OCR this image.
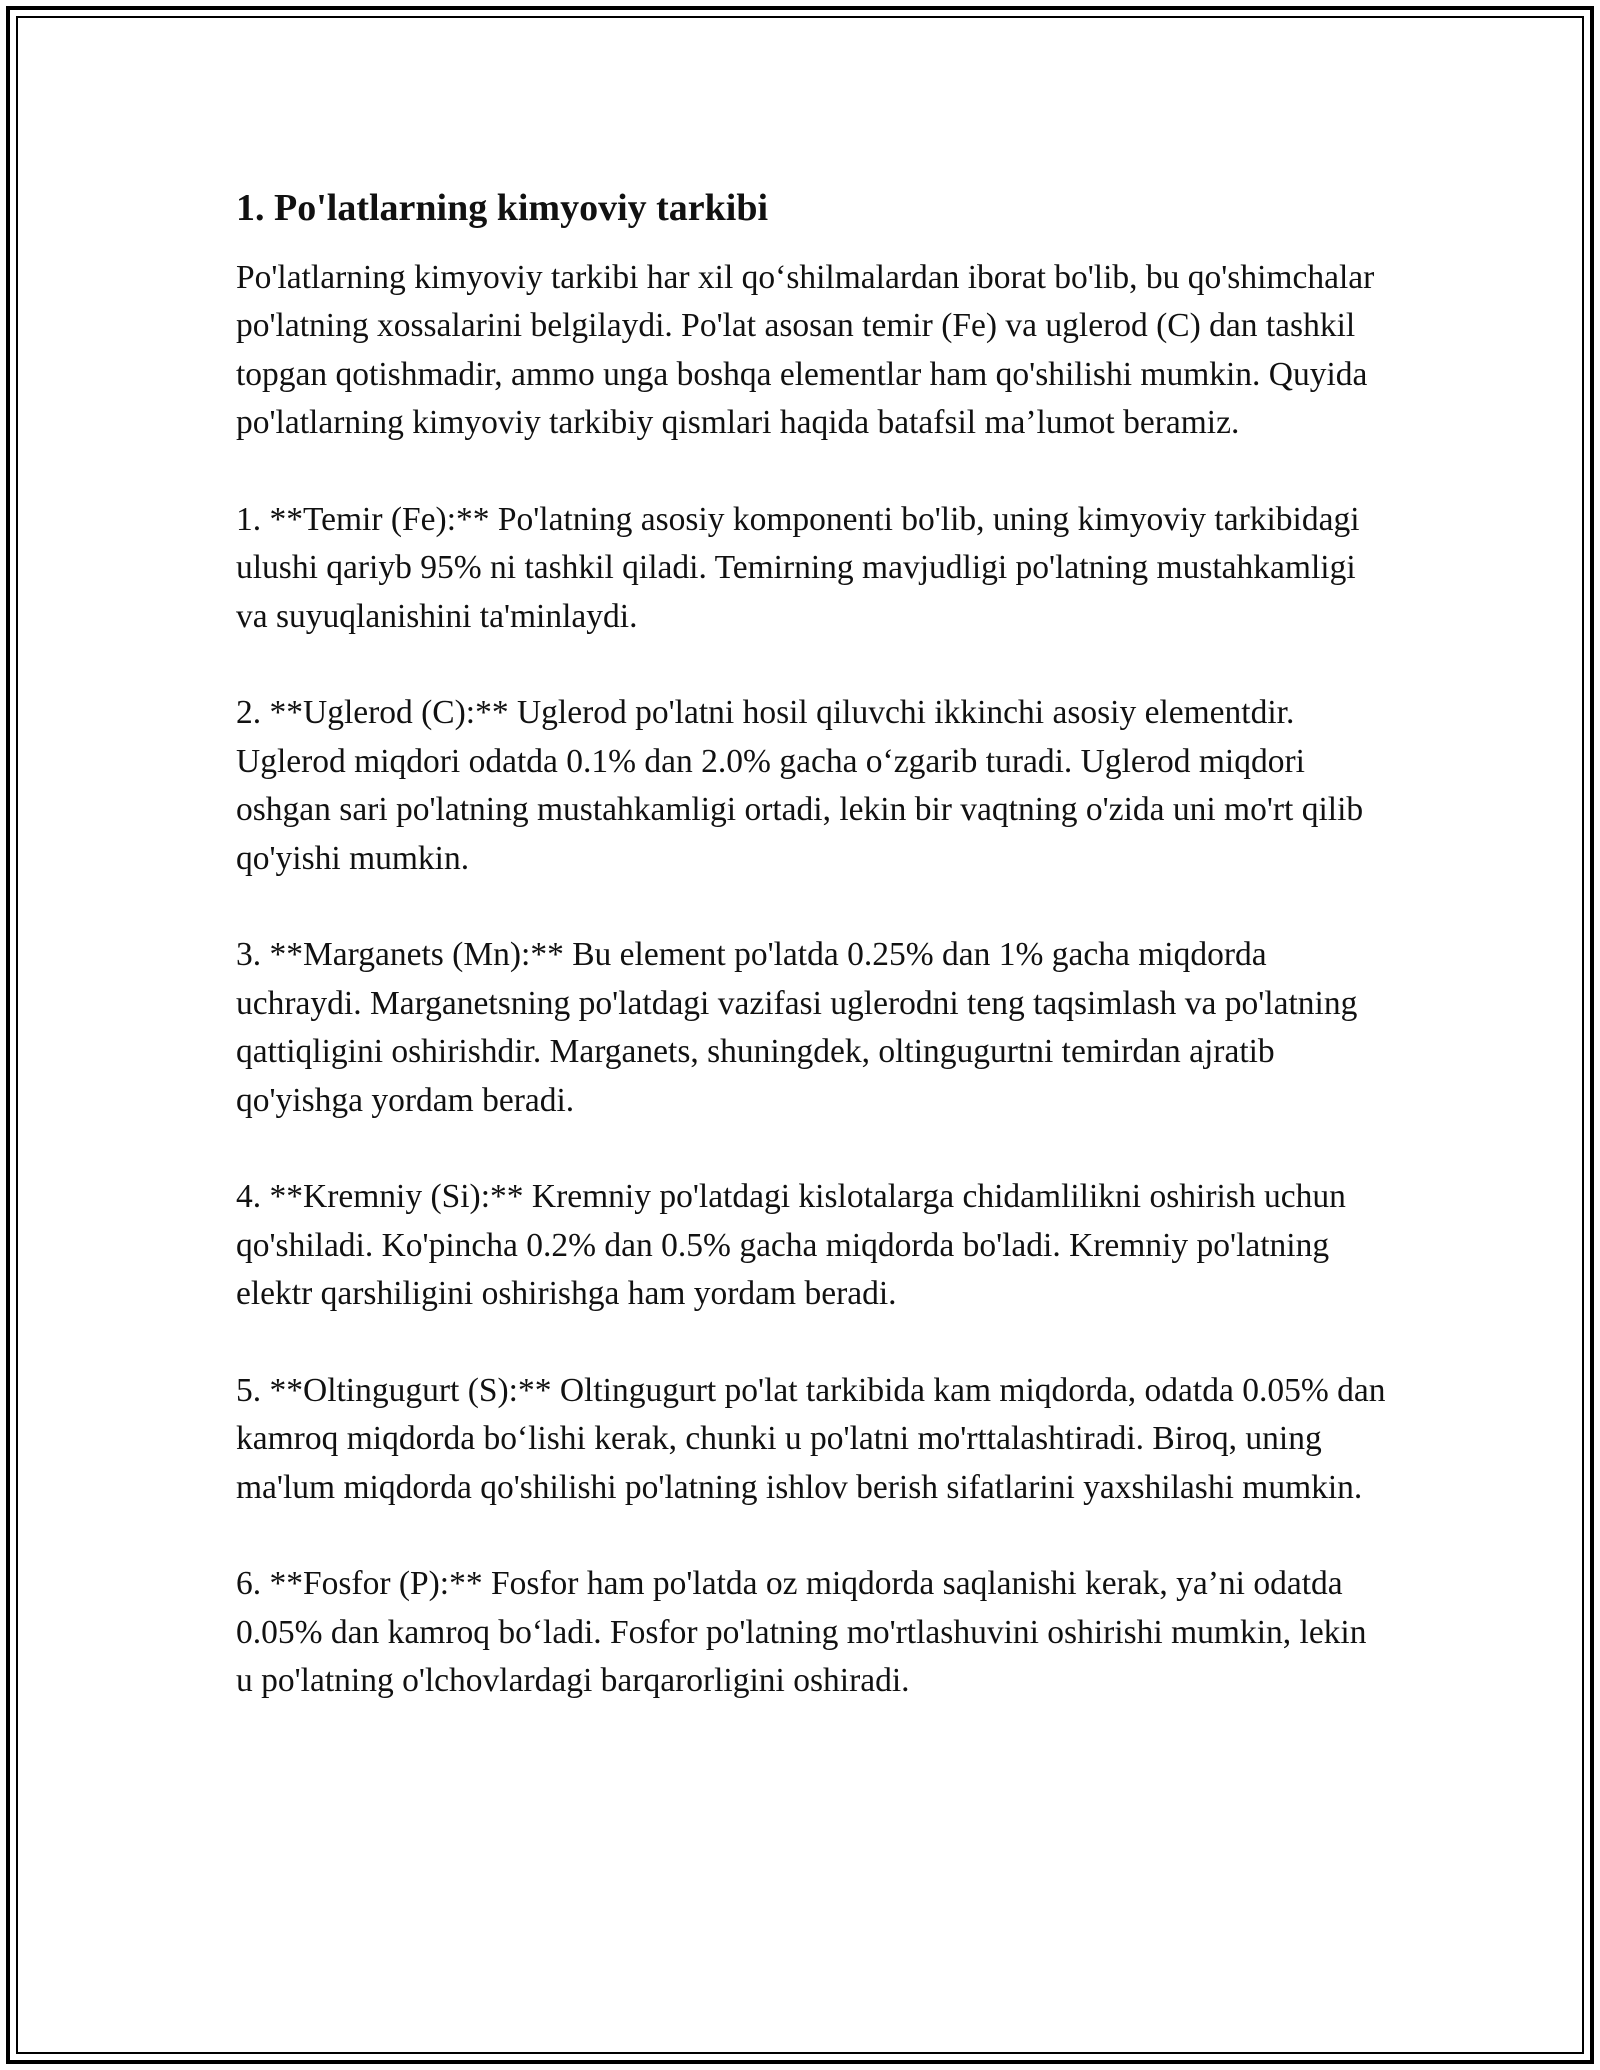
1. Po'latlarning kimyoviy tarkibi

Po'latlarning kimyoviy tarkibi har xil qo‘shilmalardan iborat bo'lib, bu qo'shimchalar po'latning xossalarini belgilaydi. Po'lat asosan temir (Fe) va uglerod (C) dan tashkil topgan qotishmadir, ammo unga boshqa elementlar ham qo'shilishi mumkin. Quyida po'latlarning kimyoviy tarkibiy qismlari haqida batafsil ma’lumot beramiz.

1. **Temir (Fe):** Po'latning asosiy komponenti bo'lib, uning kimyoviy tarkibidagi ulushi qariyb 95% ni tashkil qiladi. Temirning mavjudligi po'latning mustahkamligi va suyuqlanishini ta'minlaydi.

2. **Uglerod (C):** Uglerod po'latni hosil qiluvchi ikkinchi asosiy elementdir. Uglerod miqdori odatda 0.1% dan 2.0% gacha o‘zgarib turadi. Uglerod miqdori oshgan sari po'latning mustahkamligi ortadi, lekin bir vaqtning o'zida uni mo'rt qilib qo'yishi mumkin.

3. **Marganets (Mn):** Bu element po'latda 0.25% dan 1% gacha miqdorda uchraydi. Marganetsning po'latdagi vazifasi uglerodni teng taqsimlash va po'latning qattiqligini oshirishdir. Marganets, shuningdek, oltingugurtni temirdan ajratib qo'yishga yordam beradi.

4. **Kremniy (Si):** Kremniy po'latdagi kislotalarga chidamlilikni oshirish uchun qo'shiladi. Ko'pincha 0.2% dan 0.5% gacha miqdorda bo'ladi. Kremniy po'latning elektr qarshiligini oshirishga ham yordam beradi.

5. **Oltingugurt (S):** Oltingugurt po'lat tarkibida kam miqdorda, odatda 0.05% dan kamroq miqdorda bo‘lishi kerak, chunki u po'latni mo'rttalashtiradi. Biroq, uning ma'lum miqdorda qo'shilishi po'latning ishlov berish sifatlarini yaxshilashi mumkin.

6. **Fosfor (P):** Fosfor ham po'latda oz miqdorda saqlanishi kerak, ya’ni odatda 0.05% dan kamroq bo‘ladi. Fosfor po'latning mo'rtlashuvini oshirishi mumkin, lekin u po'latning o'lchovlardagi barqarorligini oshiradi.
